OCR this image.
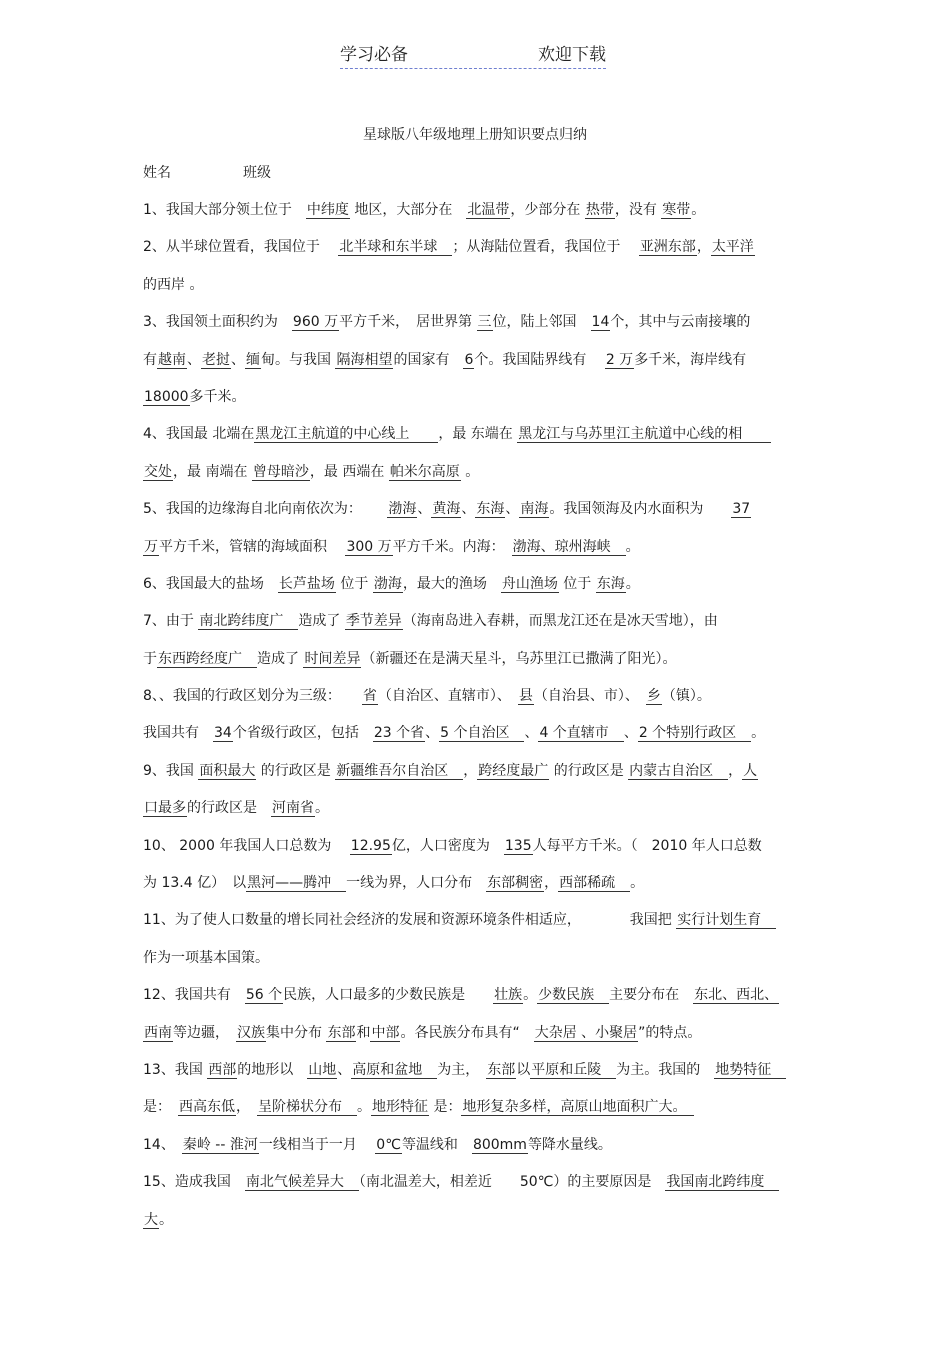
学习必备	欢迎下载
星球版八年级地理上册知识要点归纳
姓名	班级
1、我国大部分领土位于　中纬度 地区，大部分在　北温带，少部分在 热带，没有 寒带。
2、从半球位置看，我国位于　 北半球和东半球　；从海陆位置看，我国位于　 亚洲东部，太平洋
的西岸 。
3、我国领土面积约为　960 万平方千米，　居世界第 三位，陆上邻国　14个，其中与云南接壤的
有越南、老挝、缅甸。与我国 隔海相望的国家有　6个。我国陆界线有　 2 万多千米，海岸线有
18000多千米。
4、我国最 北端在黑龙江主航道的中心线上　　，最 东端在 黑龙江与乌苏里江主航道中心线的相　　
交处，最 南端在 曾母暗沙，最 西端在 帕米尔高原 。
5、我国的边缘海自北向南依次为：　　 渤海、黄海、东海、南海。我国领海及内水面积为　　37
万平方千米，管辖的海域面积　 300 万平方千米。内海：　渤海、琼州海峡　。
6、我国最大的盐场　长芦盐场 位于 渤海，最大的渔场　舟山渔场 位于 东海。
7、由于 南北跨纬度广　造成了 季节差异（海南岛进入春耕，而黑龙江还在是冰天雪地），由
于东西跨经度广　造成了 时间差异（新疆还在是满天星斗，乌苏里江已撒满了阳光）。
8、、我国的行政区划分为三级：　　省（自治区、直辖市）、　县（自治县、市）、　乡（镇）。
我国共有　34个省级行政区，包括　23 个省、5 个自治区　、4 个直辖市　、2 个特别行政区　。
9、我国 面积最大 的行政区是 新疆维吾尔自治区　，跨经度最广 的行政区是 内蒙古自治区　，人
口最多的行政区是　河南省。
10、 2000 年我国人口总数为　 12.95亿，人口密度为　135人每平方千米。（　2010 年人口总数
为 13.4 亿）　以黑河——腾冲　一线为界，人口分布　东部稠密，西部稀疏　。
11、为了使人口数量的增长同社会经济的发展和资源环境条件相适应，　　　　我国把 实行计划生育　
作为一项基本国策。
12、我国共有　56 个民族，人口最多的少数民族是　　壮族。少数民族　主要分布在　东北、西北、
西南等边疆，　汉族集中分布 东部和中部。各民族分布具有“　大杂居 、小聚居”的特点。
13、我国 西部的地形以　山地、高原和盆地　为主，　东部以平原和丘陵　为主。我国的　地势特征　
是：　西高东低，　呈阶梯状分布　。地形特征 是：地形复杂多样，高原山地面积广大。　
14、　秦岭 -- 淮河一线相当于一月　 0℃等温线和　800mm等降水量线。
15、造成我国　南北气候差异大　（南北温差大，相差近　　50℃）的主要原因是　我国南北跨纬度　
大。
